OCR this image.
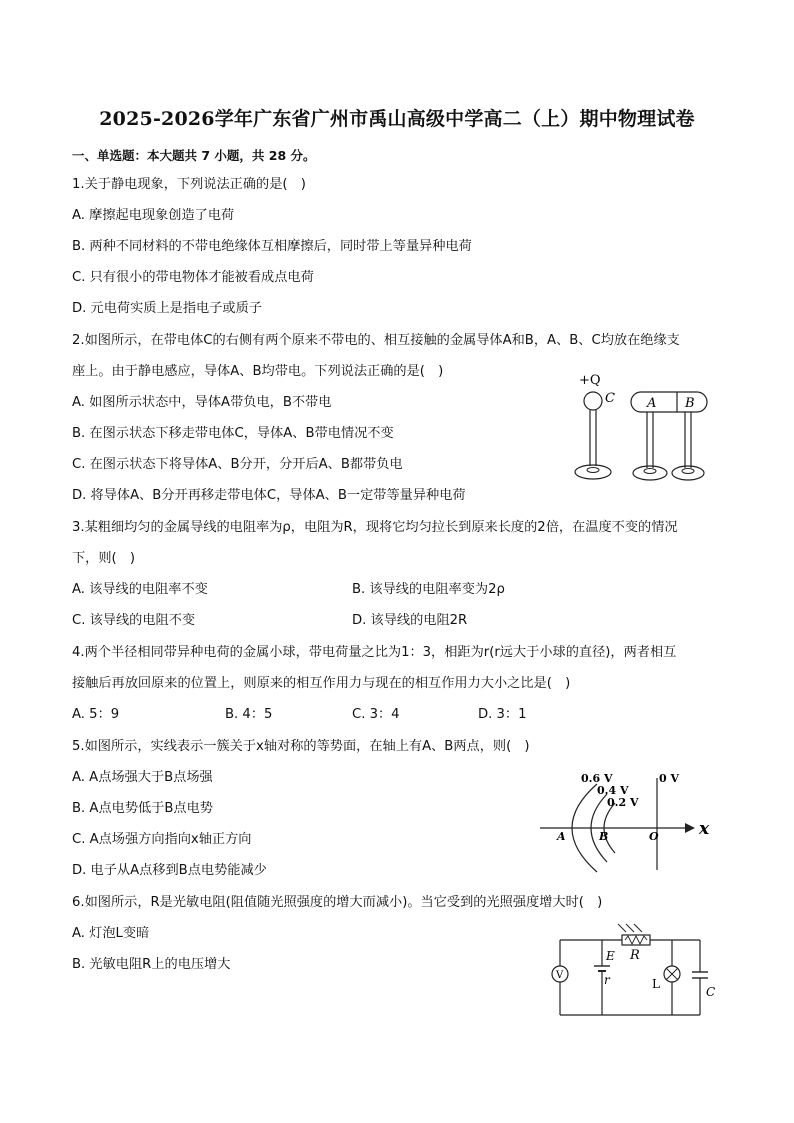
2025-2026学年广东省广州市禹山高级中学高二（上）期中物理试卷
一、单选题：本大题共 7 小题，共 28 分。
1.关于静电现象，下列说法正确的是(　)
A. 摩擦起电现象创造了电荷
B. 两种不同材料的不带电绝缘体互相摩擦后，同时带上等量异种电荷
C. 只有很小的带电物体才能被看成点电荷
D. 元电荷实质上是指电子或质子
2.如图所示，在带电体C的右侧有两个原来不带电的、相互接触的金属导体A和B，A、B、C均放在绝缘支
座上。由于静电感应，导体A、B均带电。下列说法正确的是(　)
A. 如图所示状态中，导体A带负电，B不带电
B. 在图示状态下移走带电体C，导体A、B带电情况不变
C. 在图示状态下将导体A、B分开，分开后A、B都带负电
D. 将导体A、B分开再移走带电体C，导体A、B一定带等量异种电荷
+Q
C A B
3.某粗细均匀的金属导线的电阻率为ρ，电阻为R，现将它均匀拉长到原来长度的2倍，在温度不变的情况
下，则(　)
A. 该导线的电阻率不变	B. 该导线的电阻率变为2ρ
C. 该导线的电阻不变	D. 该导线的电阻2R
4.两个半径相同带异种电荷的金属小球，带电荷量之比为1：3，相距为r(r远大于小球的直径)，两者相互
接触后再放回原来的位置上，则原来的相互作用力与现在的相互作用力大小之比是(　)
A. 5：9	B. 4：5	C. 3：4	D. 3：1
5.如图所示，实线表示一簇关于x轴对称的等势面，在轴上有A、B两点，则(　)
A. A点场强大于B点场强
B. A点电势低于B点电势
C. A点场强方向指向x轴正方向
D. 电子从A点移到B点电势能减少
0.6 V
0.4 V
0.2 V
0 V
A	B	O x
6.如图所示，R是光敏电阻(阻值随光照强度的增大而减小)。当它受到的光照强度增大时(　)
A. 灯泡L变暗
B. 光敏电阻R上的电压增大
R
V
E
r	L
C
